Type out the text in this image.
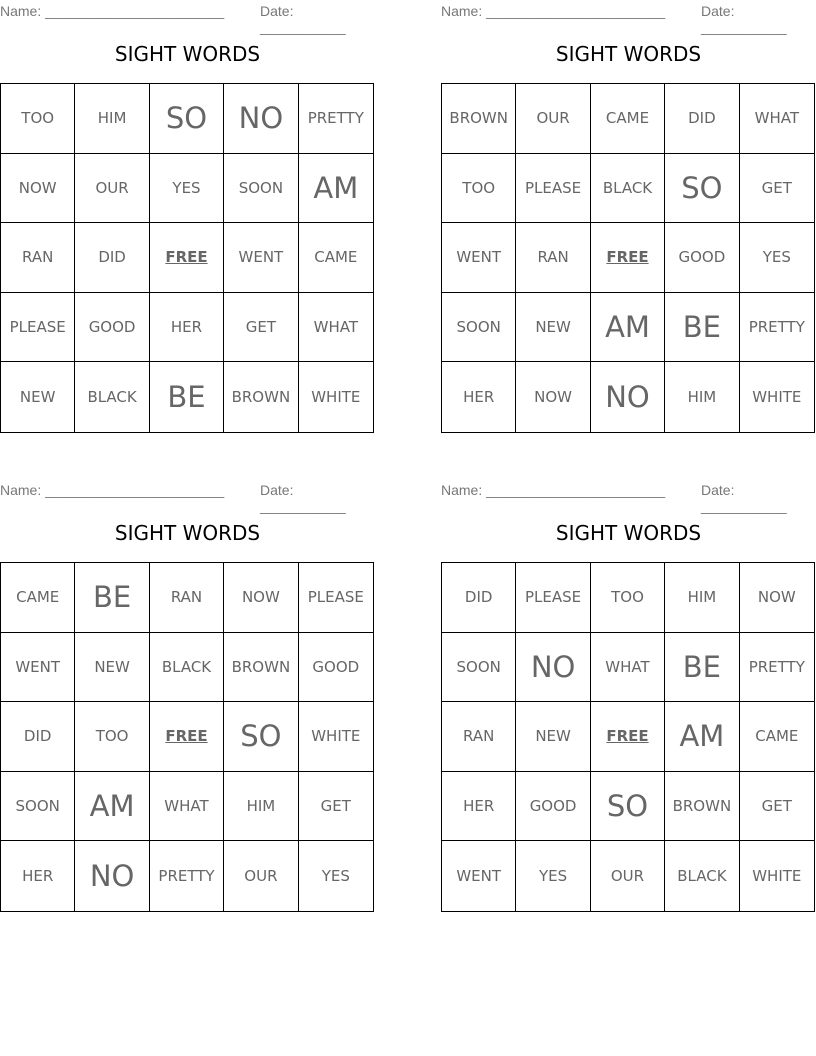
Name: _______________________	Date: ___________
SIGHT WORDS
TOO	HIM	SO	NO	PRETTY
NOW	OUR	YES	SOON	AM
RAN	DID	FREE	WENT	CAME
PLEASE	GOOD	HER	GET	WHAT
NEW	BLACK	BE	BROWN	WHITE
Name: _______________________	Date: ___________
SIGHT WORDS
BROWN	OUR	CAME	DID	WHAT
TOO	PLEASE	BLACK	SO	GET
WENT	RAN	FREE	GOOD	YES
SOON	NEW	AM	BE	PRETTY
HER	NOW	NO	HIM	WHITE
Name: _______________________	Date: ___________
SIGHT WORDS
CAME	BE	RAN	NOW	PLEASE
WENT	NEW	BLACK	BROWN	GOOD
DID	TOO	FREE	SO	WHITE
SOON	AM	WHAT	HIM	GET
HER	NO	PRETTY	OUR	YES
Name: _______________________	Date: ___________
SIGHT WORDS
DID	PLEASE	TOO	HIM	NOW
SOON	NO	WHAT	BE	PRETTY
RAN	NEW	FREE	AM	CAME
HER	GOOD	SO	BROWN	GET
WENT	YES	OUR	BLACK	WHITE
